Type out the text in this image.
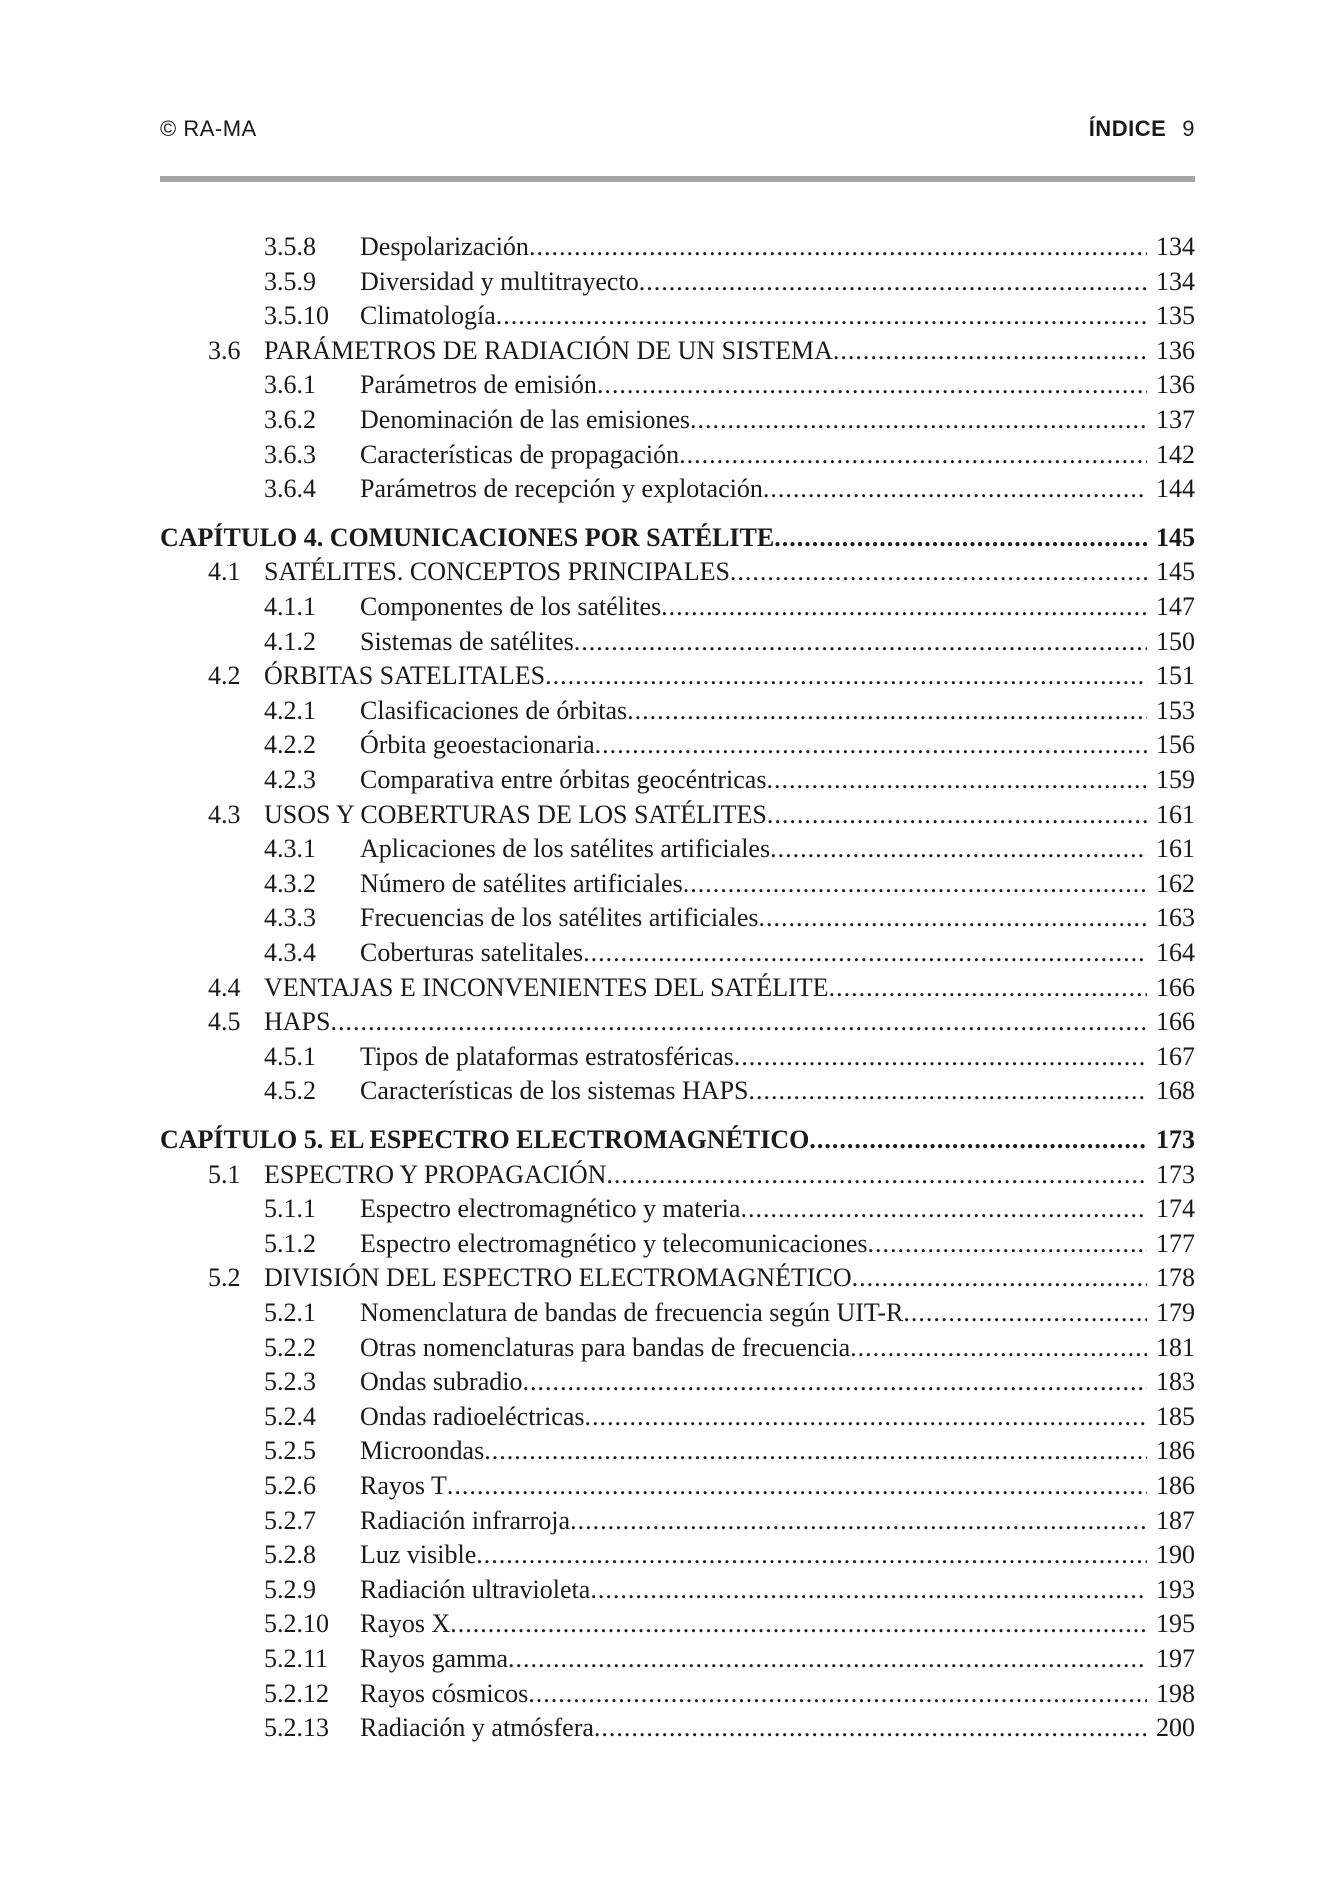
© RA-MA	ÍNDICE 9
3.5.8 Despolarización .....	134
3.5.9 Diversidad y multitrayecto .....	134
3.5.10 Climatología .....	135
3.6 PARÁMETROS DE RADIACIÓN DE UN SISTEMA .....	136
3.6.1 Parámetros de emisión .....	136
3.6.2 Denominación de las emisiones .....	137
3.6.3 Características de propagación .....	142
3.6.4 Parámetros de recepción y explotación .....	144
CAPÍTULO 4. COMUNICACIONES POR SATÉLITE .....	145
4.1 SATÉLITES. CONCEPTOS PRINCIPALES .....	145
4.1.1 Componentes de los satélites .....	147
4.1.2 Sistemas de satélites .....	150
4.2 ÓRBITAS SATELITALES .....	151
4.2.1 Clasificaciones de órbitas .....	153
4.2.2 Órbita geoestacionaria .....	156
4.2.3 Comparativa entre órbitas geocéntricas .....	159
4.3 USOS Y COBERTURAS DE LOS SATÉLITES .....	161
4.3.1 Aplicaciones de los satélites artificiales .....	161
4.3.2 Número de satélites artificiales .....	162
4.3.3 Frecuencias de los satélites artificiales .....	163
4.3.4 Coberturas satelitales .....	164
4.4 VENTAJAS E INCONVENIENTES DEL SATÉLITE .....	166
4.5 HAPS .....	166
4.5.1 Tipos de plataformas estratosféricas .....	167
4.5.2 Características de los sistemas HAPS .....	168
CAPÍTULO 5. EL ESPECTRO ELECTROMAGNÉTICO .....	173
5.1 ESPECTRO Y PROPAGACIÓN .....	173
5.1.1 Espectro electromagnético y materia .....	174
5.1.2 Espectro electromagnético y telecomunicaciones .....	177
5.2 DIVISIÓN DEL ESPECTRO ELECTROMAGNÉTICO .....	178
5.2.1 Nomenclatura de bandas de frecuencia según UIT-R .....	179
5.2.2 Otras nomenclaturas para bandas de frecuencia .....	181
5.2.3 Ondas subradio .....	183
5.2.4 Ondas radioeléctricas .....	185
5.2.5 Microondas .....	186
5.2.6 Rayos T .....	186
5.2.7 Radiación infrarroja .....	187
5.2.8 Luz visible .....	190
5.2.9 Radiación ultravioleta .....	193
5.2.10 Rayos X .....	195
5.2.11 Rayos gamma .....	197
5.2.12 Rayos cósmicos .....	198
5.2.13 Radiación y atmósfera .....	200
